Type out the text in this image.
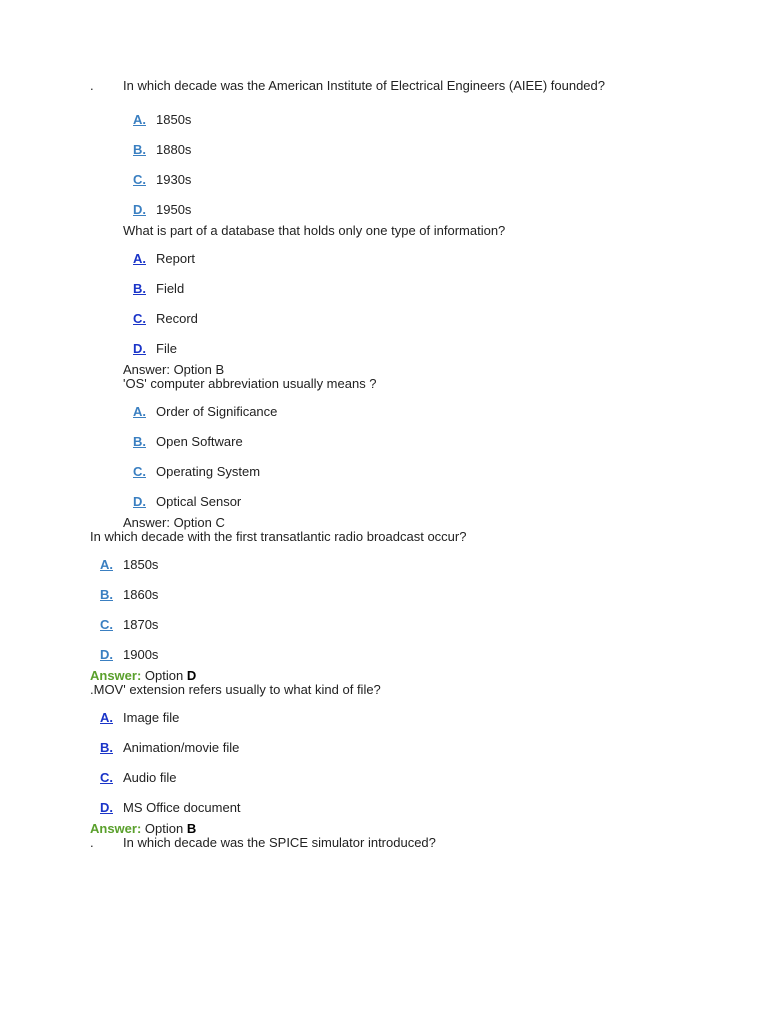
. In which decade was the American Institute of Electrical Engineers (AIEE) founded?
A. 1850s
B. 1880s
C. 1930s
D. 1950s
What is part of a database that holds only one type of information?
A. Report
B. Field
C. Record
D. File
Answer: Option B
'OS' computer abbreviation usually means ?
A. Order of Significance
B. Open Software
C. Operating System
D. Optical Sensor
Answer: Option C
In which decade with the first transatlantic radio broadcast occur?
A. 1850s
B. 1860s
C. 1870s
D. 1900s
Answer: Option D
.MOV' extension refers usually to what kind of file?
A. Image file
B. Animation/movie file
C. Audio file
D. MS Office document
Answer: Option B
. In which decade was the SPICE simulator introduced?
